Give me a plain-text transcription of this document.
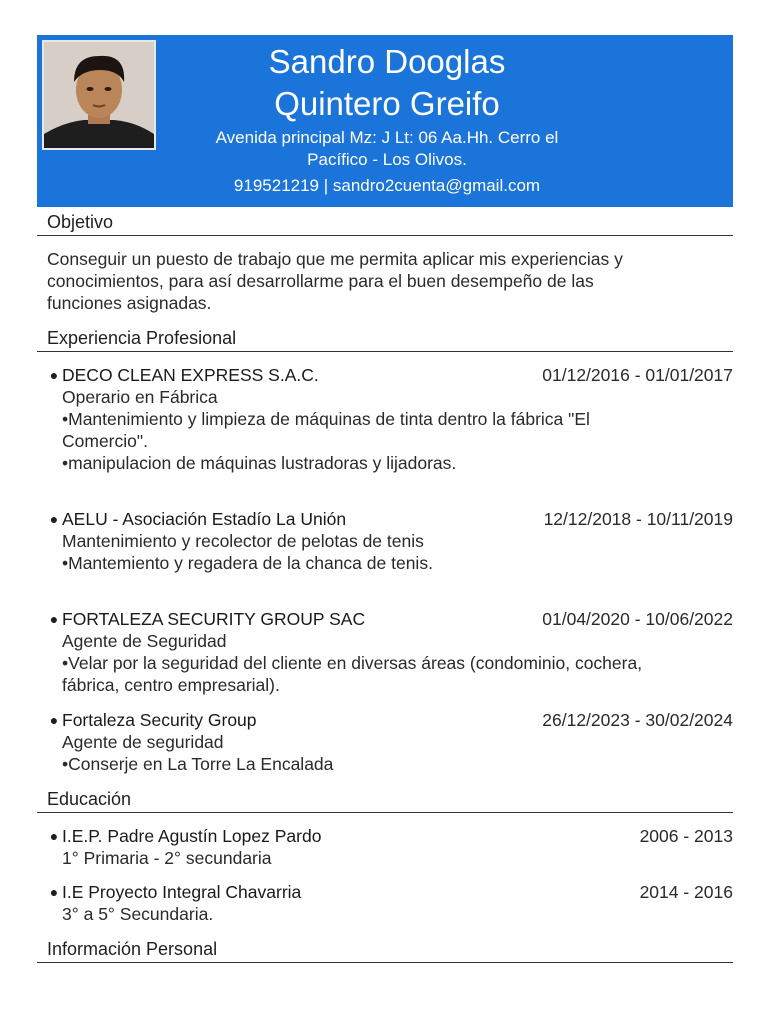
Sandro Dooglas
Quintero Greifo
Avenida principal Mz: J Lt: 06 Aa.Hh. Cerro el
Pacífico - Los Olivos.
919521219 | sandro2cuenta@gmail.com
Objetivo
Conseguir un puesto de trabajo que me permita aplicar mis experiencias y
conocimientos, para así desarrollarme para el buen desempeño de las
funciones asignadas.
Experiencia Profesional
● DECO CLEAN EXPRESS S.A.C.	01/12/2016 - 01/01/2017
Operario en Fábrica
•Mantenimiento y limpieza de máquinas de tinta dentro la fábrica "El
Comercio".
•manipulacion de máquinas lustradoras y lijadoras.
● AELU - Asociación Estadío La Unión	12/12/2018 - 10/11/2019
Mantenimiento y recolector de pelotas de tenis
•Mantemiento y regadera de la chanca de tenis.
● FORTALEZA SECURITY GROUP SAC	01/04/2020 - 10/06/2022
Agente de Seguridad
•Velar por la seguridad del cliente en diversas áreas (condominio, cochera,
fábrica, centro empresarial).
● Fortaleza Security Group	26/12/2023 - 30/02/2024
Agente de seguridad
•Conserje en La Torre La Encalada
Educación
● I.E.P. Padre Agustín Lopez Pardo	2006 - 2013
1° Primaria - 2° secundaria
● I.E Proyecto Integral Chavarria	2014 - 2016
3° a 5° Secundaria.
Información Personal
